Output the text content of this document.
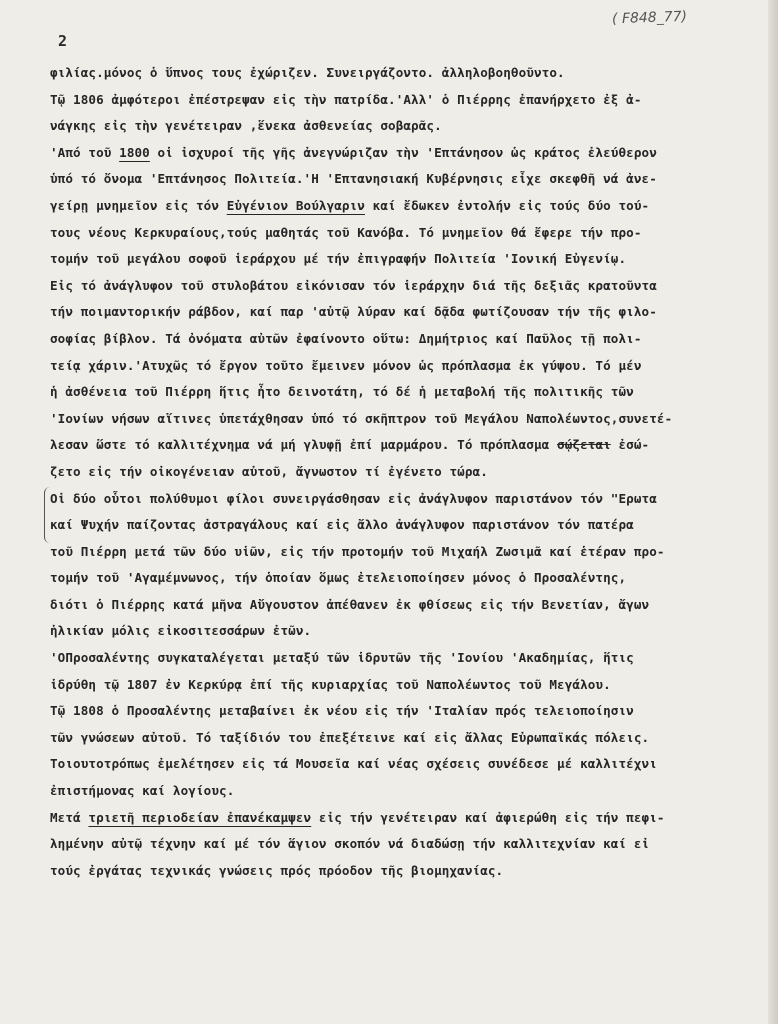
2
( F848_77)
φιλίας.μόνος ὁ ὕπνος τους ἐχώριζεν. Συνειργάζοντο. ἀλληλοβοηθοῦντο.
Τῷ 1806 ἀμφότεροι ἐπέστρεψαν εἰς τὴν πατρίδα.'Αλλ' ὁ Πιέρρης ἐπανήρχετο ἐξ ἀ-
νάγκης εἰς τὴν γενέτειραν ,ἕνεκα ἀσθενείας σοβαρᾶς.
'Από τοῦ 1800 οἱ ἰσχυροί τῆς γῆς ἀνεγνώριζαν τὴν 'Επτάνησον ὡς κράτος ἐλεύθερον
ὑπό τό ὄνομα 'Επτάνησος Πολιτεία.'Η 'Επτανησιακή Κυβέρνησις εἶχε σκεφθῆ νά ἀνε-
γείρῃ μνημεῖον εἰς τόν Εὐγένιον Βούλγαριν καί ἔδωκεν ἐντολήν εἰς τούς δύο τού-
τους νέους Κερκυραίους,τούς μαθητάς τοῦ Κανόβα. Τό μνημεῖον θά ἔφερε τήν προ-
τομήν τοῦ μεγάλου σοφοῦ ἱεράρχου μέ τήν ἐπιγραφήν Πολιτεία 'Ιονική Εὐγενίῳ.
Εἰς τό ἀνάγλυφον τοῦ στυλοβάτου εἰκόνισαν τόν ἱεράρχην διά τῆς δεξιᾶς κρατοῦντα
τήν ποιμαντορικήν ράβδον, καί παρ 'αὐτῷ λύραν καί δᾷδα φωτίζουσαν τήν τῆς φιλο-
σοφίας βίβλον. Τά ὀνόματα αὐτῶν ἐφαίνοντο οὕτω: Δημήτριος καί Παῦλος τῇ πολι-
τείᾳ χάριν.'Ατυχῶς τό ἔργον τοῦτο ἔμεινεν μόνον ὡς πρόπλασμα ἐκ γύψου. Τό μέν
ἡ ἀσθένεια τοῦ Πιέρρη ἥτις ἦτο δεινοτάτη, τό δέ ἡ μεταβολή τῆς πολιτικῆς τῶν
'Ιονίων νήσων αἵτινες ὑπετάχθησαν ὑπό τό σκῆπτρον τοῦ Μεγάλου Ναπολέωντος,συνετέ-
λεσαν ὥστε τό καλλιτέχνημα νά μή γλυφῇ ἐπί μαρμάρου. Τό πρόπλασμα σῴζεται ἐσώ-
ζετο εἰς τήν οἰκογένειαν αὐτοῦ, ἄγνωστον τί ἐγένετο τώρα.
Οἱ δύο οὗτοι πολύθυμοι φίλοι συνειργάσθησαν εἰς ἀνάγλυφον παριστάνον τόν "Ερωτα
καί Ψυχήν παίζοντας ἀστραγάλους καί εἰς ἄλλο ἀνάγλυφον παριστάνον τόν πατέρα
τοῦ Πιέρρη μετά τῶν δύο υἱῶν, εἰς τήν προτομήν τοῦ Μιχαήλ Ζωσιμᾶ καί ἑτέραν προ-
τομήν τοῦ 'Αγαμέμνωνος, τήν ὁποίαν ὅμως ἐτελειοποίησεν μόνος ὁ Προσαλέντης,
διότι ὁ Πιέρρης κατά μῆνα Αὔγουστον ἀπέθανεν ἐκ φθίσεως εἰς τήν Βενετίαν, ἄγων
ἡλικίαν μόλις εἰκοσιτεσσάρων ἐτῶν.
'ΟΠροσαλέντης συγκαταλέγεται μεταξύ τῶν ἱδρυτῶν τῆς 'Ιονίου 'Ακαδημίας, ἥτις
ἱδρύθη τῷ 1807 ἐν Κερκύρᾳ ἐπί τῆς κυριαρχίας τοῦ Ναπολέωντος τοῦ Μεγάλου.
Τῷ 1808 ὁ Προσαλέντης μεταβαίνει ἐκ νέου εἰς τήν 'Ιταλίαν πρός τελειοποίησιν
τῶν γνώσεων αὐτοῦ. Τό ταξίδιόν του ἐπεξέτεινε καί εἰς ἄλλας Εὐρωπαϊκάς πόλεις.
Τοιουτοτρόπως ἐμελέτησεν εἰς τά Μουσεῖα καί νέας σχέσεις συνέδεσε μέ καλλιτέχνι
ἐπιστήμονας καί λογίους.
Μετά τριετῆ περιοδείαν ἐπανέκαμψεν εἰς τήν γενέτειραν καί ἀφιερώθη εἰς τήν πεφι-
λημένην αὐτῷ τέχνην καί μέ τόν ἅγιον σκοπόν νά διαδώσῃ τήν καλλιτεχνίαν καί εἰ
τούς ἐργάτας τεχνικάς γνώσεις πρός πρόοδον τῆς βιομηχανίας.
